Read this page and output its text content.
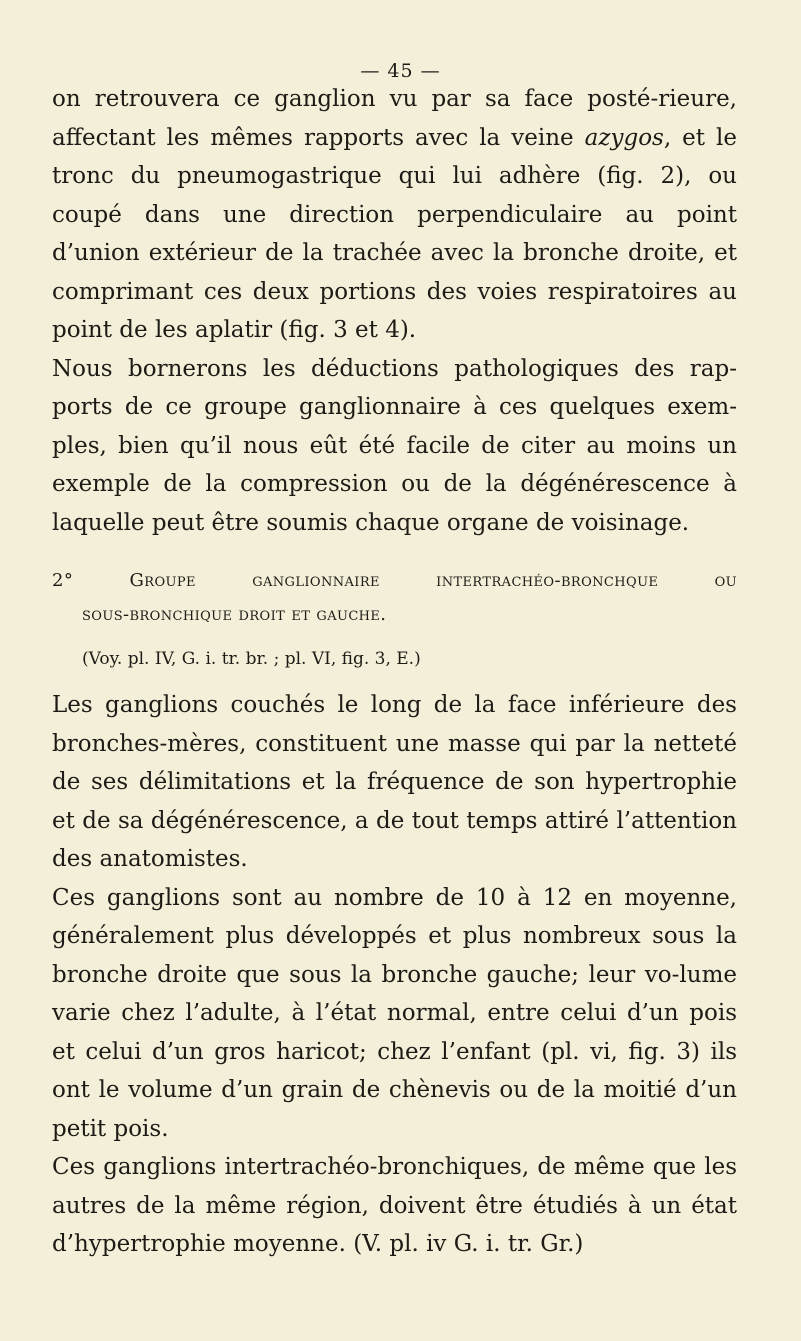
— 45 —

on retrouvera ce ganglion vu par sa face posté-rieure, affectant les mêmes rapports avec la veine azygos, et le tronc du pneumogastrique qui lui adhère (fig. 2), ou coupé dans une direction perpendiculaire au point d’union extérieur de la trachée avec la bronche droite, et comprimant ces deux portions des voies respiratoires au point de les aplatir (fig. 3 et 4).

Nous bornerons les déductions pathologiques des rap-ports de ce groupe ganglionnaire à ces quelques exem-ples, bien qu’il nous eût été facile de citer au moins un exemple de la compression ou de la dégénérescence à laquelle peut être soumis chaque organe de voisinage.

2° Groupe ganglionnaire intertrachéo-bronchque ou
sous-bronchique droit et gauche.
(Voy. pl. IV, G. i. tr. br. ; pl. VI, fig. 3, E.)

Les ganglions couchés le long de la face inférieure des bronches-mères, constituent une masse qui par la netteté de ses délimitations et la fréquence de son hypertrophie et de sa dégénérescence, a de tout temps attiré l’attention des anatomistes.

Ces ganglions sont au nombre de 10 à 12 en moyenne, généralement plus développés et plus nombreux sous la bronche droite que sous la bronche gauche; leur vo-lume varie chez l’adulte, à l’état normal, entre celui d’un pois et celui d’un gros haricot; chez l’enfant (pl. vi, fig. 3) ils ont le volume d’un grain de chènevis ou de la moitié d’un petit pois.

Ces ganglions intertrachéo-bronchiques, de même que les autres de la même région, doivent être étudiés à un état d’hypertrophie moyenne. (V. pl. iv G. i. tr. Gr.)
